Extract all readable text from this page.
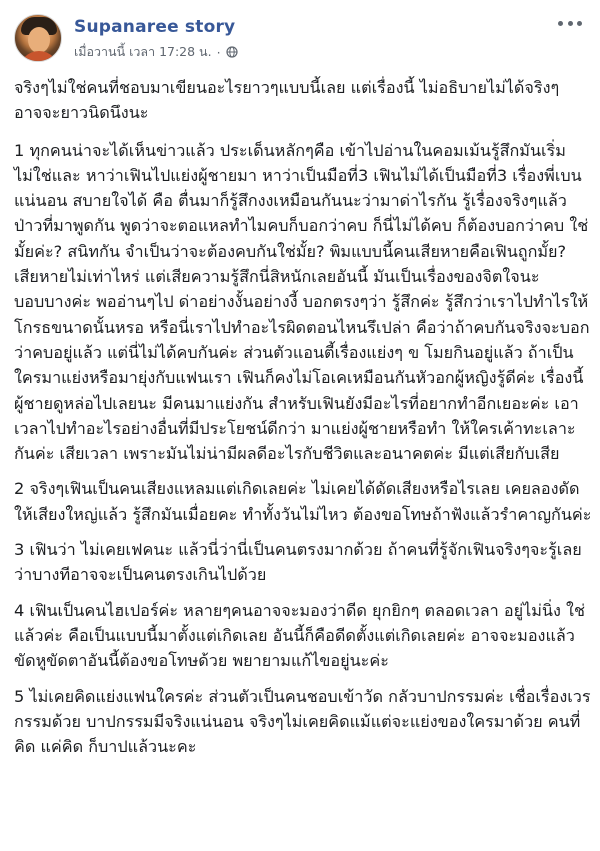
Supanaree story
เมื่อวานนี้ เวลา 17:28 น. ·

จริงๆไม่ใช่คนที่ชอบมาเขียนอะไรยาวๆแบบนี้เลย แต่เรื่องนี้ ไม่อธิบายไม่ได้จริงๆ อาจจะยาวนิดนึงนะ

1 ทุกคนน่าจะได้เห็นข่าวแล้ว ประเด็นหลักๆคือ เข้าไปอ่านในคอมเม้นรู้สึกมันเริ่มไม่ใช่และ หาว่าเฟินไปแย่งผู้ชายมา หาว่าเป็นมือที่3 เฟินไม่ได้เป็นมือที่3 เรื่องพี่เบนแน่นอน สบายใจได้ คือ ตื่นมาก็รู้สึกงงเหมือนกันนะว่ามาด่าไรกัน รู้เรื่องจริงๆแล้วป่าวที่มาพูดกัน พูดว่าจะตอแหลทำไมคบก็บอกว่าคบ ก็นี่ไม่ได้คบ ก็ต้องบอกว่าคบ ใช่มั้ยค่ะ? สนิทกัน จำเป็นว่าจะต้องคบกันใช่มั้ย? พิมแบบนี้คนเสียหายคือเฟินถูกมั้ย? เสียหายไม่เท่าไหร่ แต่เสียความรู้สึกนี่สิหนักเลยอันนี้ มันเป็นเรื่องของจิตใจนะ บอบบางค่ะ พออ่านๆไป ด่าอย่างงั้นอย่างงี้ บอกตรงๆว่า รู้สึกค่ะ รู้สึกว่าเราไปทำไรให้โกรธขนาดนั้นหรอ หรือนี่เราไปทำอะไรผิดตอนไหนรึเปล่า คือว่าถ้าคบกันจริงจะบอกว่าคบอยู่แล้ว แต่นี่ไม่ได้คบกันค่ะ ส่วนตัวแอนตี้เรื่องแย่งๆ ข โมยกินอยู่แล้ว ถ้าเป็นใครมาแย่งหรือมายุ่งกับแฟนเรา เฟินก็คงไม่โอเคเหมือนกันหัวอกผู้หญิงรู้ดีค่ะ เรื่องนี้ผู้ชายดูหล่อไปเลยนะ มีคนมาแย่งกัน สำหรับเฟินยังมีอะไรที่อยากทำอีกเยอะค่ะ เอาเวลาไปทำอะไรอย่างอื่นที่มีประโยชน์ดีกว่า มาแย่งผู้ชายหรือทำ ให้ใครเค้าทะเลาะกันค่ะ เสียเวลา เพราะมันไม่น่ามีผลดีอะไรกับชีวิตและอนาคตค่ะ มีแต่เสียกับเสีย

2 จริงๆเฟินเป็นคนเสียงแหลมแต่เกิดเลยค่ะ ไม่เคยได้ดัดเสียงหรือไรเลย เคยลองดัดให้เสียงใหญ่แล้ว รู้สึกมันเมื่อยคะ ทำทั้งวันไม่ไหว ต้องขอโทษถ้าฟังแล้วรำคาญกันค่ะ

3 เฟินว่า ไม่เคยเฟคนะ แล้วนี่ว่านี่เป็นคนตรงมากด้วย ถ้าคนที่รู้จักเฟินจริงๆจะรู้เลยว่าบางทีอาจจะเป็นคนตรงเกินไปด้วย

4 เฟินเป็นคนไฮเปอร์ค่ะ หลายๆคนอาจจะมองว่าดีด ยุกยิกๆ ตลอดเวลา อยู่ไม่นิ่ง ใช่แล้วค่ะ คือเป็นแบบนี้มาตั้งแต่เกิดเลย อันนี้ก็คือดีดตั้งแต่เกิดเลยค่ะ อาจจะมองแล้วขัดหูขัดตาอันนี้ต้องขอโทษด้วย พยายามแก้ไขอยู่นะค่ะ

5 ไม่เคยคิดแย่งแฟนใครค่ะ ส่วนตัวเป็นคนชอบเข้าวัด กลัวบาปกรรมค่ะ เชื่อเรื่องเวรกรรมด้วย บาปกรรมมีจริงแน่นอน จริงๆไม่เคยคิดแม้แต่จะแย่งของใครมาด้วย คนที่คิด แค่คิด ก็บาปแล้วนะคะ
